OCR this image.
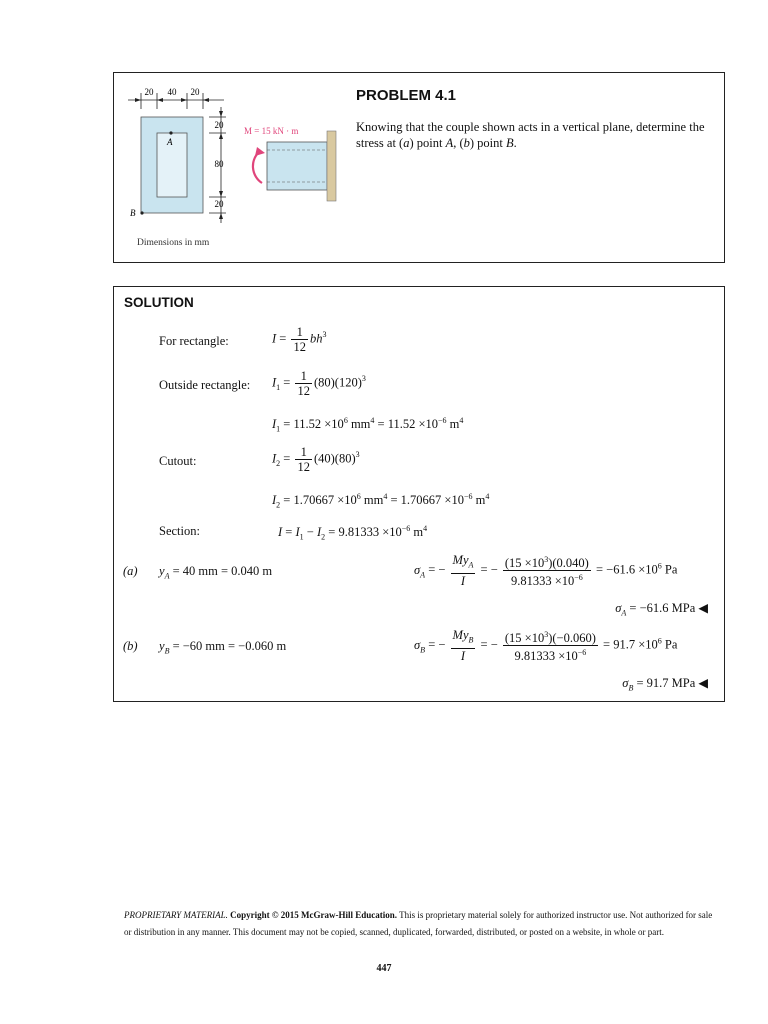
20 40 20
A
B
20
80
20
Dimensions in mm
M = 15 kN · m
PROBLEM 4.1
Knowing that the couple shown acts in a vertical plane, determine the stress at (a) point A, (b) point B.
SOLUTION
For rectangle:	$I = \frac{1}{12} bh^3$
Outside rectangle: $I_1 = \frac{1}{12} (80)(120)^3$
$I_1 = 11.52 \times 10^6$ $mm^4 = 11.52 \times 10^{-6}$ $m^4$
Cutout:	$I_2 = \frac{1}{12} (40)(80)^3$
$I_2 = 1.70667 \times 10^6$ $mm^4 = 1.70667 \times 10^{-6}$ $m^4$
Section:	$I = I_1 - I_2 = 9.81333 \times 10^{-6}$ $m^4$
(a) $y_A = 40$ mm = 0.040 m	$\sigma_A$ = − $\frac{My_A}{I}$ = − $\frac{(15 \times 10^3)(0.040)}{9.81333 \times 10^{-6}} = -61.6 \times 10^6$ Pa
$\sigma_A = -61.6$ MPa ◀
(b) $y_B = -60$ mm = −0.060 m	$\sigma_B$ = − $\frac{My_B}{I}$ = − $\frac{(15 \times 10^3)(-0.060)}{9.81333 \times 10^{-6}} = 91.7 \times 10^6$ Pa
$\sigma_B = 91.7$ MPa ◀
PROPRIETARY MATERIAL. Copyright © 2015 McGraw-Hill Education. This is proprietary material solely for authorized instructor use. Not authorized for sale or distribution in any manner. This document may not be copied, scanned, duplicated, forwarded, distributed, or posted on a website, in whole or part.
447
